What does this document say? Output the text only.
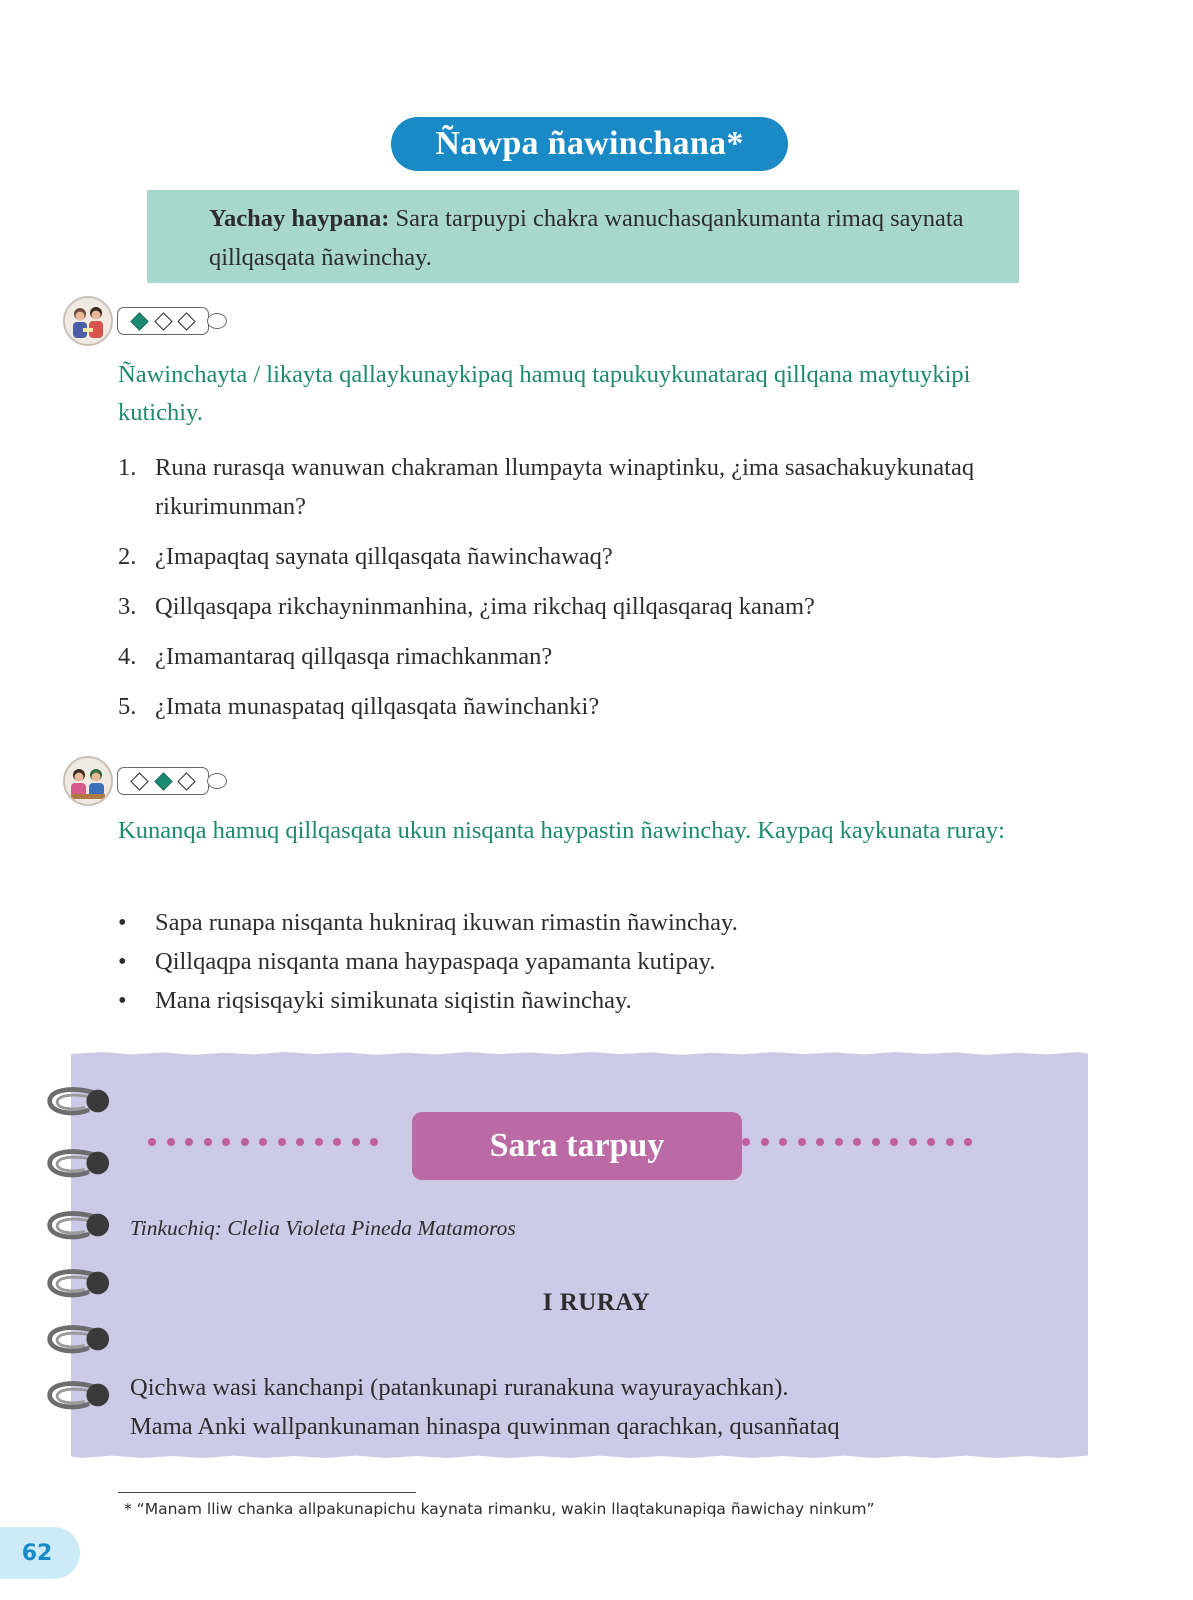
Ñawpa ñawinchana*
Yachay haypana: Sara tarpuypi chakra wanuchasqankumanta rimaq saynata qillqasqata ñawinchay.
Ñawinchayta / likayta qallaykunaykipaq hamuq tapukuykunataraq qillqana maytuykipi kutichiy.
1. Runa rurasqa wanuwan chakraman llumpayta winaptinku, ¿ima sasachakuykunataq rikurimunman?
2. ¿Imapaqtaq saynata qillqasqata ñawinchawaq?
3. Qillqasqapa rikchayninmanhina, ¿ima rikchaq qillqasqaraq kanam?
4. ¿Imamantaraq qillqasqa rimachkanman?
5. ¿Imata munaspataq qillqasqata ñawinchanki?
Kunanqa hamuq qillqasqata ukun nisqanta haypastin ñawinchay. Kaypaq kaykunata ruray:
• Sapa runapa nisqanta hukniraq ikuwan rimastin ñawinchay.
• Qillqaqpa nisqanta mana haypaspaqa yapamanta kutipay.
• Mana riqsisqayki simikunata siqistin ñawinchay.
Sara tarpuy
Tinkuchiq: Clelia Violeta Pineda Matamoros
I RURAY
Qichwa wasi kanchanpi (patankunapi ruranakuna wayurayachkan).
Mama Anki wallpankunaman hinaspa quwinman qarachkan, qusanñataq
* “Manam lliw chanka allpakunapichu kaynata rimanku, wakin llaqtakunapiqa ñawichay ninkum”
62
